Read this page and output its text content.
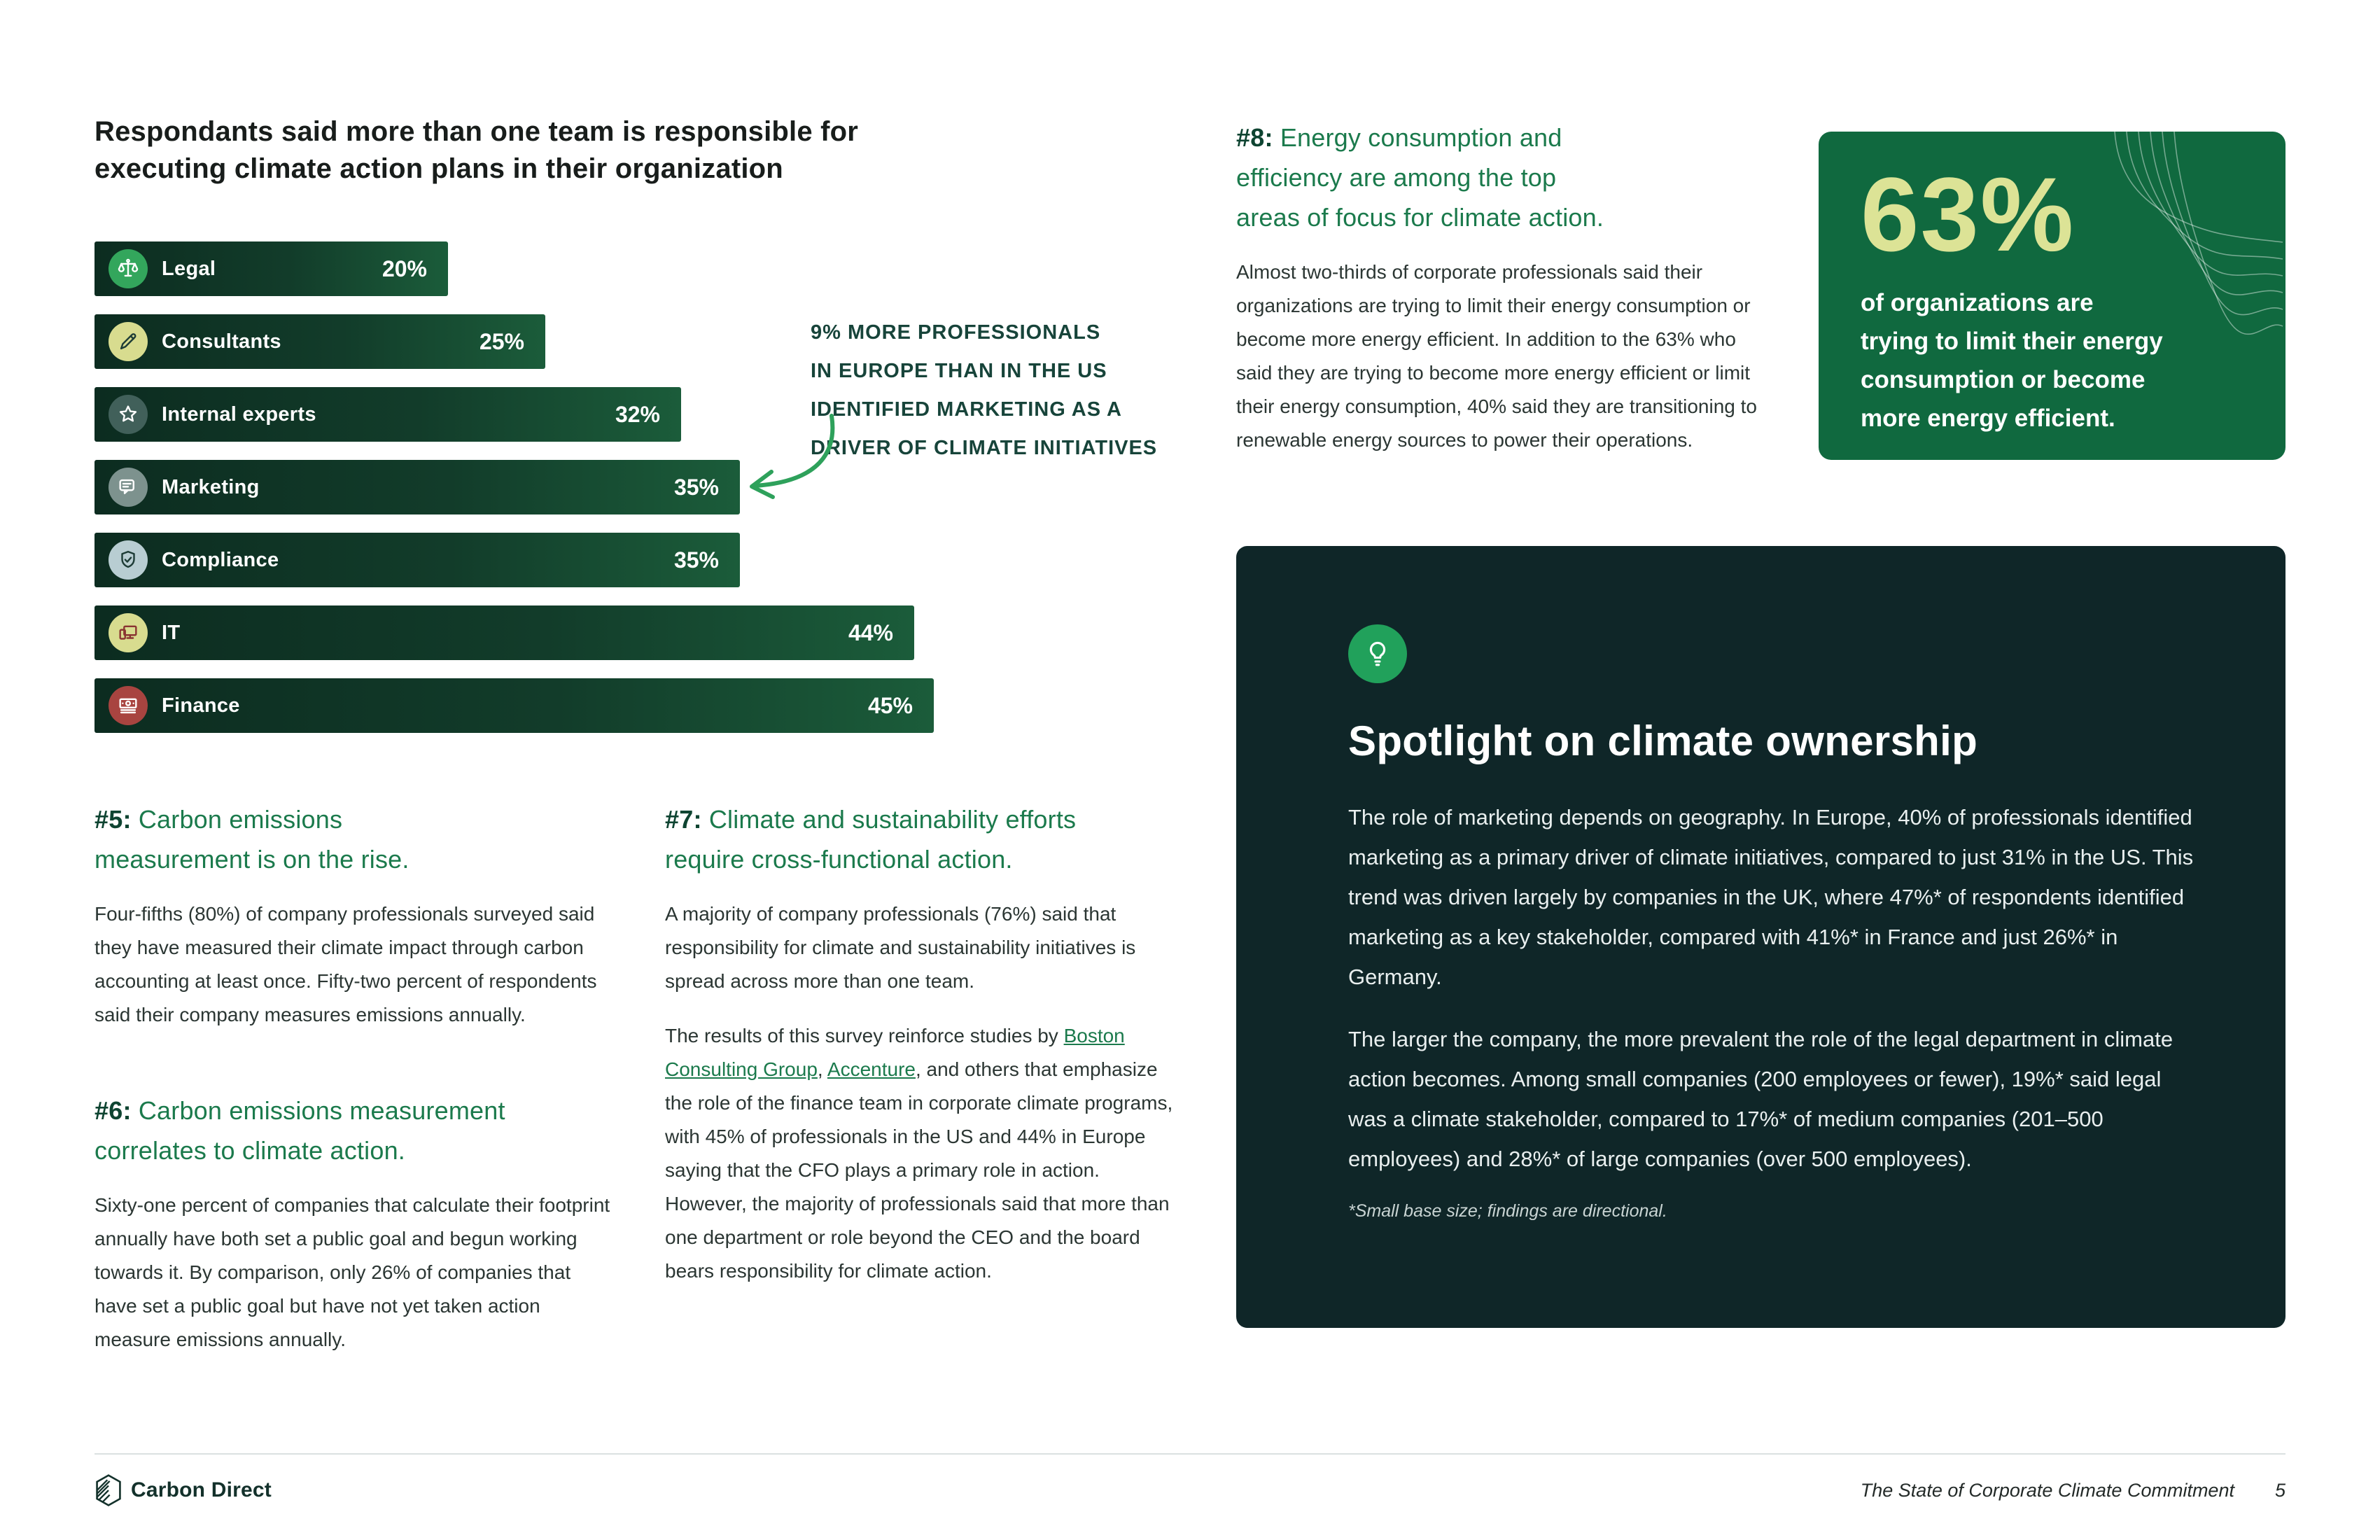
Respondants said more than one team is responsible for
executing climate action plans in their organization
Legal	20%
Consultants	25%
Internal experts	32%
Marketing	35%
Compliance	35%
IT	44%
Finance	45%
9% MORE PROFESSIONALS
IN EUROPE THAN IN THE US
IDENTIFIED MARKETING AS A
DRIVER OF CLIMATE INITIATIVES
#5: Carbon emissions
measurement is on the rise.

Four-fifths (80%) of company professionals surveyed said they have measured their climate impact through carbon accounting at least once. Fifty-two percent of respondents said their company measures emissions annually.

#6: Carbon emissions measurement
correlates to climate action.

Sixty-one percent of companies that calculate their footprint annually have both set a public goal and begun working towards it. By comparison, only 26% of companies that have set a public goal but have not yet taken action measure emissions annually.

#7: Climate and sustainability efforts
require cross-functional action.

A majority of company professionals (76%) said that responsibility for climate and sustainability initiatives is spread across more than one team.

The results of this survey reinforce studies by Boston Consulting Group, Accenture, and others that emphasize the role of the finance team in corporate climate programs, with 45% of professionals in the US and 44% in Europe saying that the CFO plays a primary role in action. However, the majority of professionals said that more than one department or role beyond the CEO and the board bears responsibility for climate action.

#8: Energy consumption and
efficiency are among the top
areas of focus for climate action.

Almost two-thirds of corporate professionals said their organizations are trying to limit their energy consumption or become more energy efficient. In addition to the 63% who said they are trying to become more energy efficient or limit their energy consumption, 40% said they are transitioning to renewable energy sources to power their operations.

63%
of organizations are
trying to limit their energy
consumption or become
more energy efficient.
Spotlight on climate ownership

The role of marketing depends on geography. In Europe, 40% of professionals identified marketing as a primary driver of climate initiatives, compared to just 31% in the US. This trend was driven largely by companies in the UK, where 47%* of respondents identified marketing as a key stakeholder, compared with 41%* in France and just 26%* in Germany.

The larger the company, the more prevalent the role of the legal department in climate action becomes. Among small companies (200 employees or fewer), 19%* said legal was a climate stakeholder, compared to 17%* of medium companies (201–500 employees) and 28%* of large companies (over 500 employees).

*Small base size; findings are directional.
Carbon Direct	The State of Corporate Climate Commitment 5
